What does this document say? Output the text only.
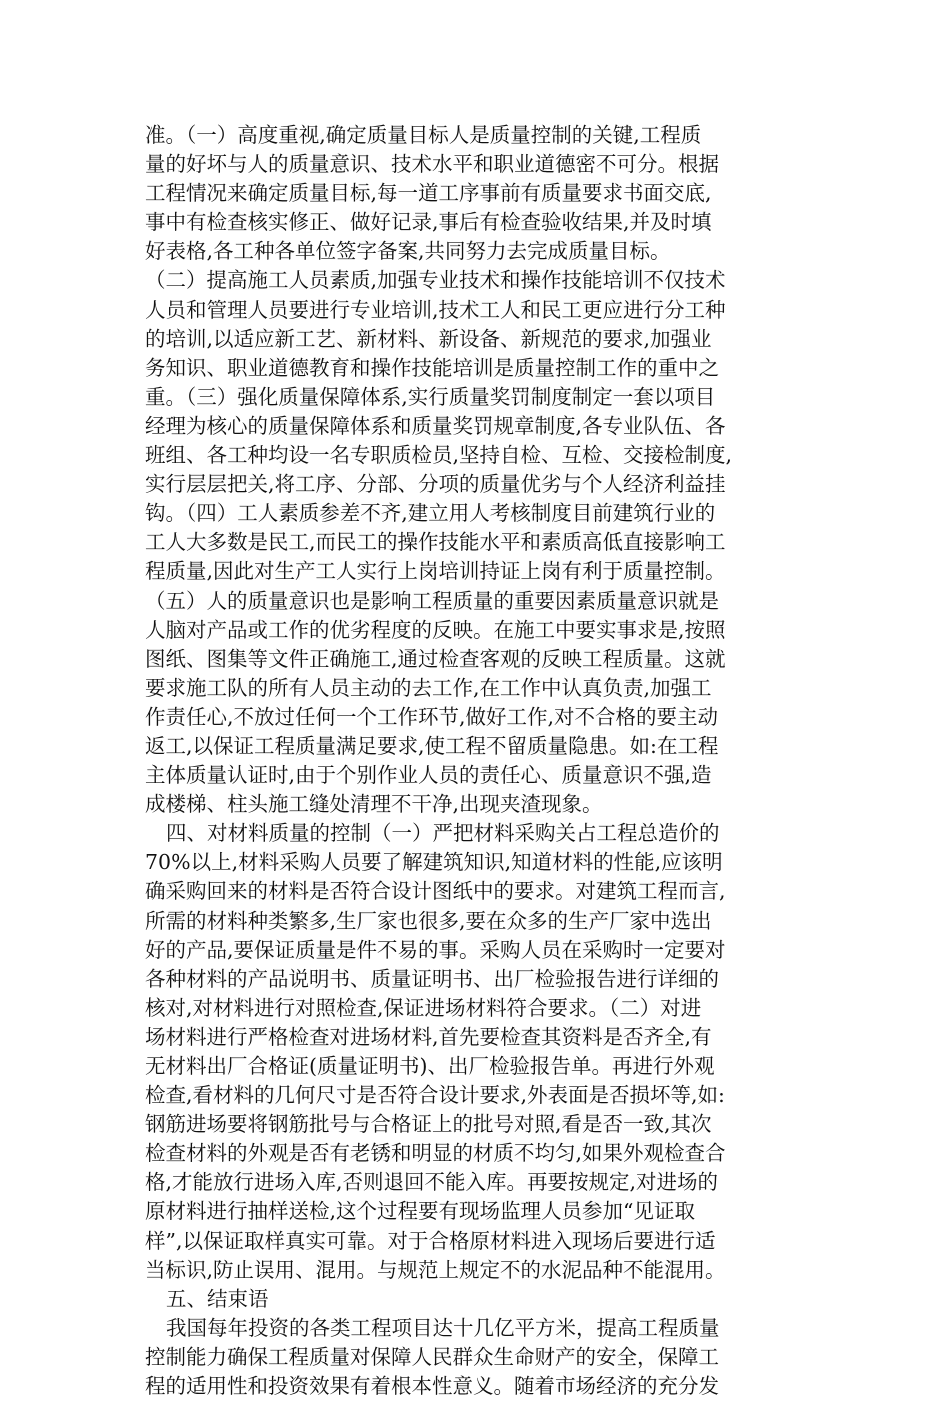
准。（一）高度重视,确定质量目标人是质量控制的关键,工程质
量的好坏与人的质量意识、技术水平和职业道德密不可分。根据
工程情况来确定质量目标,每一道工序事前有质量要求书面交底,
事中有检查核实修正、做好记录,事后有检查验收结果,并及时填
好表格,各工种各单位签字备案,共同努力去完成质量目标。
（二）提高施工人员素质,加强专业技术和操作技能培训不仅技术
人员和管理人员要进行专业培训,技术工人和民工更应进行分工种
的培训,以适应新工艺、新材料、新设备、新规范的要求,加强业
务知识、职业道德教育和操作技能培训是质量控制工作的重中之
重。（三）强化质量保障体系,实行质量奖罚制度制定一套以项目
经理为核心的质量保障体系和质量奖罚规章制度,各专业队伍、各
班组、各工种均设一名专职质检员,坚持自检、互检、交接检制度,
实行层层把关,将工序、分部、分项的质量优劣与个人经济利益挂
钩。（四）工人素质参差不齐,建立用人考核制度目前建筑行业的
工人大多数是民工,而民工的操作技能水平和素质高低直接影响工
程质量,因此对生产工人实行上岗培训持证上岗有利于质量控制。
（五）人的质量意识也是影响工程质量的重要因素质量意识就是
人脑对产品或工作的优劣程度的反映。在施工中要实事求是,按照
图纸、图集等文件正确施工,通过检查客观的反映工程质量。这就
要求施工队的所有人员主动的去工作,在工作中认真负责,加强工
作责任心,不放过任何一个工作环节,做好工作,对不合格的要主动
返工,以保证工程质量满足要求,使工程不留质量隐患。如:在工程
主体质量认证时,由于个别作业人员的责任心、质量意识不强,造
成楼梯、柱头施工缝处清理不干净,出现夹渣现象。
四、对材料质量的控制（一）严把材料采购关占工程总造价的
70%以上,材料采购人员要了解建筑知识,知道材料的性能,应该明
确采购回来的材料是否符合设计图纸中的要求。对建筑工程而言,
所需的材料种类繁多,生厂家也很多,要在众多的生产厂家中选出
好的产品,要保证质量是件不易的事。采购人员在采购时一定要对
各种材料的产品说明书、质量证明书、出厂检验报告进行详细的
核对,对材料进行对照检查,保证进场材料符合要求。（二）对进
场材料进行严格检查对进场材料,首先要检查其资料是否齐全,有
无材料出厂合格证(质量证明书)、出厂检验报告单。再进行外观
检查,看材料的几何尺寸是否符合设计要求,外表面是否损坏等,如:
钢筋进场要将钢筋批号与合格证上的批号对照,看是否一致,其次
检查材料的外观是否有老锈和明显的材质不均匀,如果外观检查合
格,才能放行进场入库,否则退回不能入库。再要按规定,对进场的
原材料进行抽样送检,这个过程要有现场监理人员参加“见证取
样”,以保证取样真实可靠。对于合格原材料进入现场后要进行适
当标识,防止误用、混用。与规范上规定不的水泥品种不能混用。
五、结束语
我国每年投资的各类工程项目达十几亿平方米，提高工程质量
控制能力确保工程质量对保障人民群众生命财产的安全，保障工
程的适用性和投资效果有着根本性意义。随着市场经济的充分发
